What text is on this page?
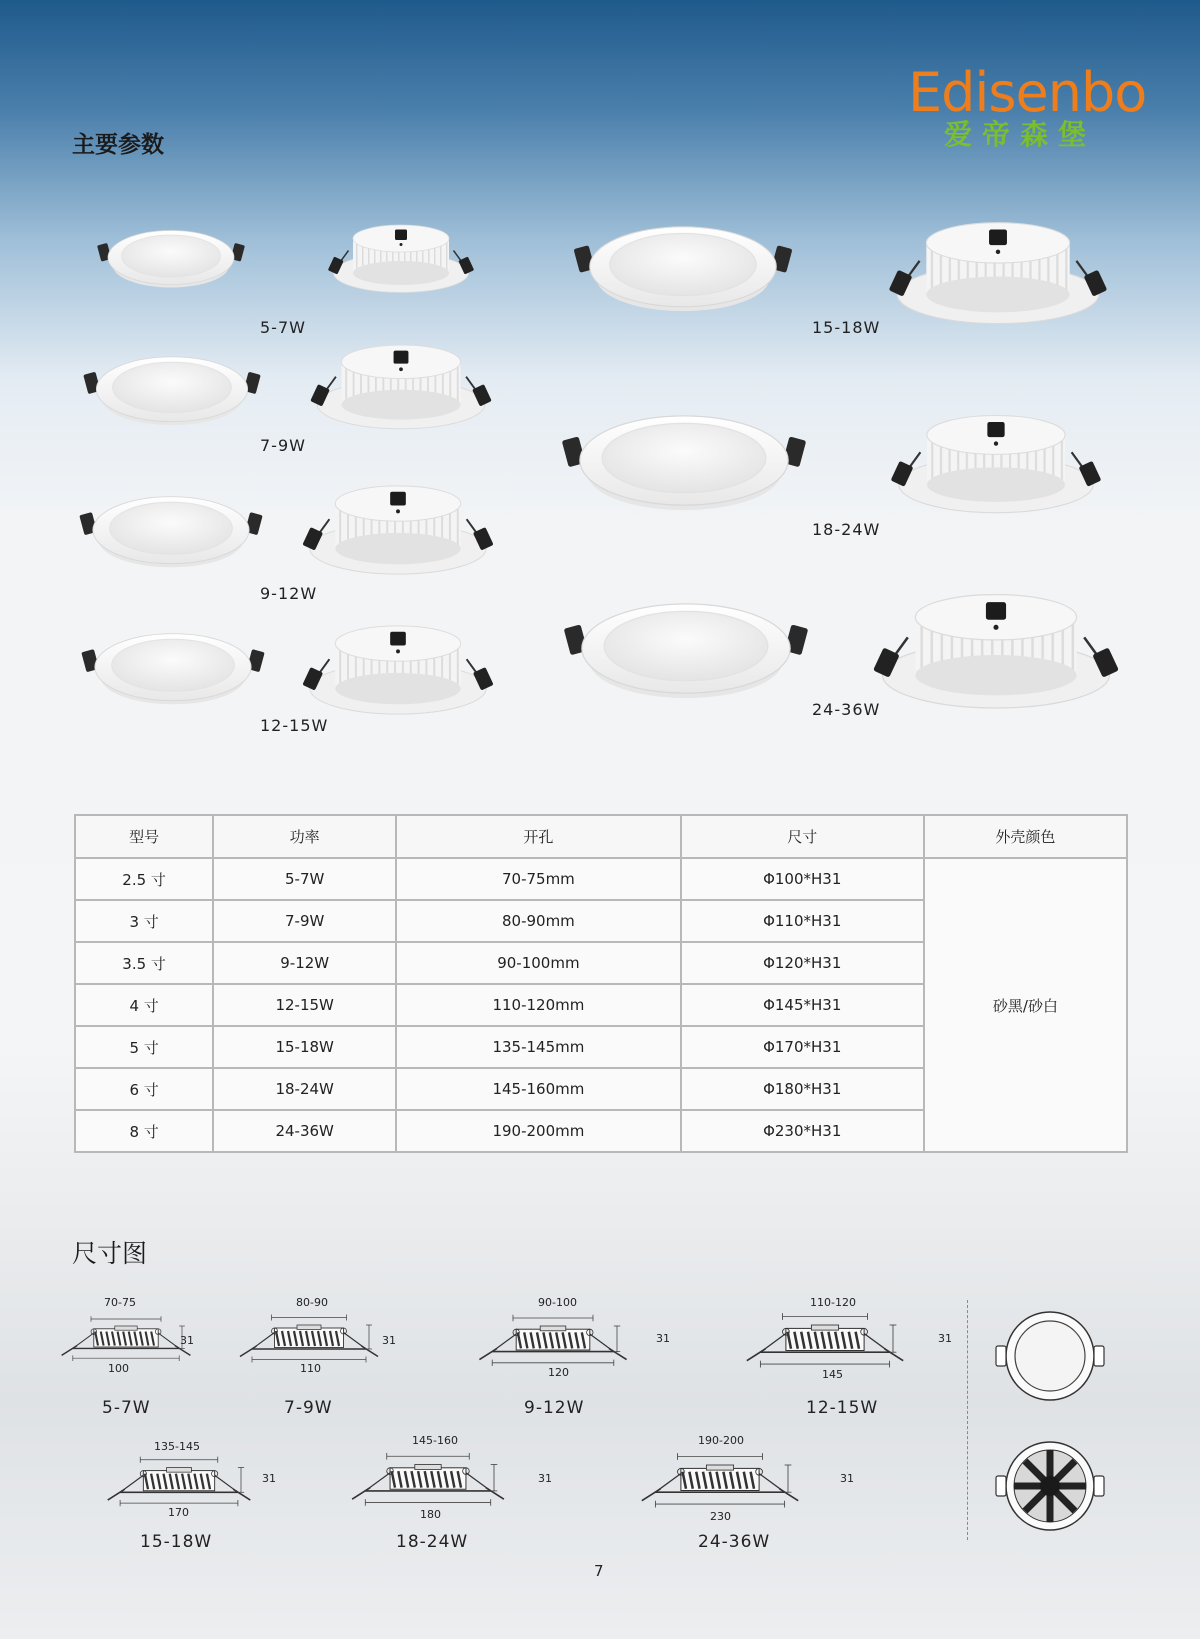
Edisenbo
爱帝森堡
主要参数
5-7W
7-9W
9-12W
12-15W
15-18W
18-24W
24-36W
型号	功率	开孔	尺寸	外壳颜色
2.5 寸	5-7W	70-75mm	Φ100*H31	砂黑/砂白
3 寸	7-9W	80-90mm	Φ110*H31	
3.5 寸	9-12W	90-100mm	Φ120*H31	
4 寸	12-15W	110-120mm	Φ145*H31	
5 寸	15-18W	135-145mm	Φ170*H31	
6 寸	18-24W	145-160mm	Φ180*H31	
8 寸	24-36W	190-200mm	Φ230*H31	
尺寸图
70-75
100
31
5-7W
80-90
110
31
7-9W
90-100
120
31
9-12W
110-120
145
31
12-15W
135-145
170
31
15-18W
145-160
180
31
18-24W
190-200
230
31
24-36W
7
